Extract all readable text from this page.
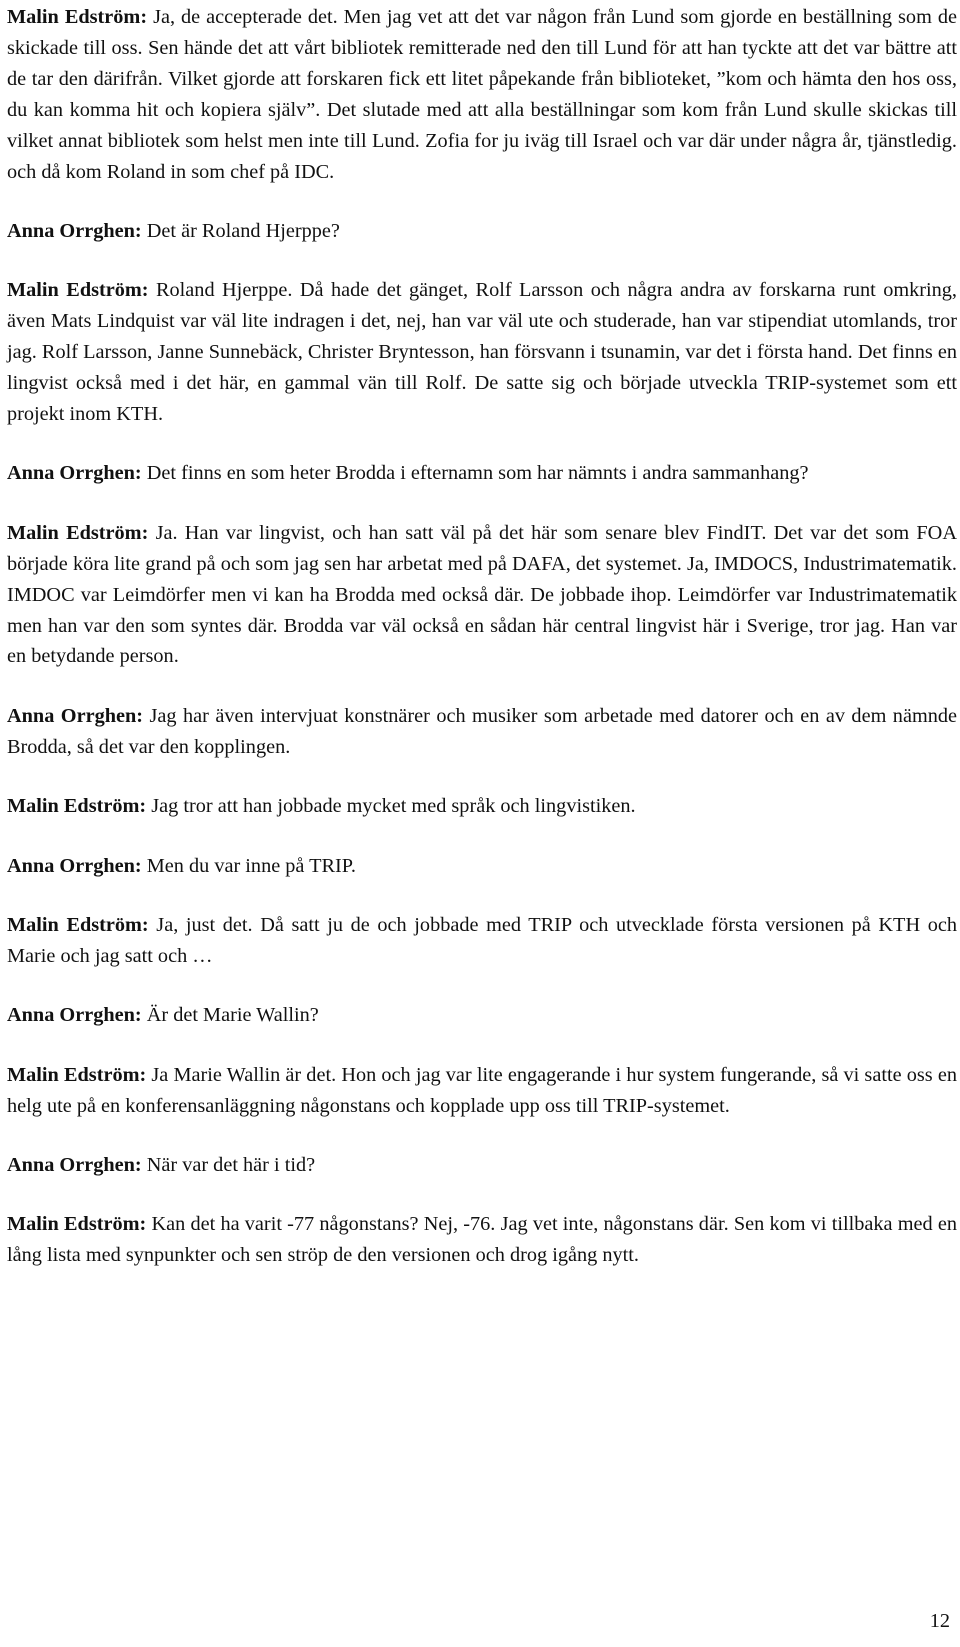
Malin Edström: Ja, de accepterade det. Men jag vet att det var någon från Lund som gjorde en beställning som de skickade till oss. Sen hände det att vårt bibliotek remitterade ned den till Lund för att han tyckte att det var bättre att de tar den därifrån. Vilket gjorde att forskaren fick ett litet påpekande från biblioteket, ”kom och hämta den hos oss, du kan komma hit och kopiera själv”. Det slutade med att alla beställningar som kom från Lund skulle skickas till vilket annat bibliotek som helst men inte till Lund. Zofia for ju iväg till Israel och var där under några år, tjänstledig. och då kom Roland in som chef på IDC.

Anna Orrghen: Det är Roland Hjerppe?

Malin Edström: Roland Hjerppe. Då hade det gänget, Rolf Larsson och några andra av forskarna runt omkring, även Mats Lindquist var väl lite indragen i det, nej, han var väl ute och studerade, han var stipendiat utomlands, tror jag. Rolf Larsson, Janne Sunnebäck, Christer Bryntesson, han försvann i tsunamin, var det i första hand. Det finns en lingvist också med i det här, en gammal vän till Rolf. De satte sig och började utveckla TRIP-systemet som ett projekt inom KTH.

Anna Orrghen: Det finns en som heter Brodda i efternamn som har nämnts i andra sammanhang?

Malin Edström: Ja. Han var lingvist, och han satt väl på det här som senare blev FindIT. Det var det som FOA började köra lite grand på och som jag sen har arbetat med på DAFA, det systemet. Ja, IMDOCS, Industrimatematik. IMDOC var Leimdörfer men vi kan ha Brodda med också där. De jobbade ihop. Leimdörfer var Industrimatematik men han var den som syntes där. Brodda var väl också en sådan här central lingvist här i Sverige, tror jag. Han var en betydande person.

Anna Orrghen: Jag har även intervjuat konstnärer och musiker som arbetade med datorer och en av dem nämnde Brodda, så det var den kopplingen.

Malin Edström: Jag tror att han jobbade mycket med språk och lingvistiken.

Anna Orrghen: Men du var inne på TRIP.

Malin Edström: Ja, just det. Då satt ju de och jobbade med TRIP och utvecklade första versionen på KTH och Marie och jag satt och …

Anna Orrghen: Är det Marie Wallin?

Malin Edström: Ja Marie Wallin är det. Hon och jag var lite engagerande i hur system fungerande, så vi satte oss en helg ute på en konferensanläggning någonstans och kopplade upp oss till TRIP-systemet.

Anna Orrghen: När var det här i tid?

Malin Edström: Kan det ha varit -77 någonstans? Nej, -76. Jag vet inte, någonstans där. Sen kom vi tillbaka med en lång lista med synpunkter och sen ströp de den versionen och drog igång nytt.

12
